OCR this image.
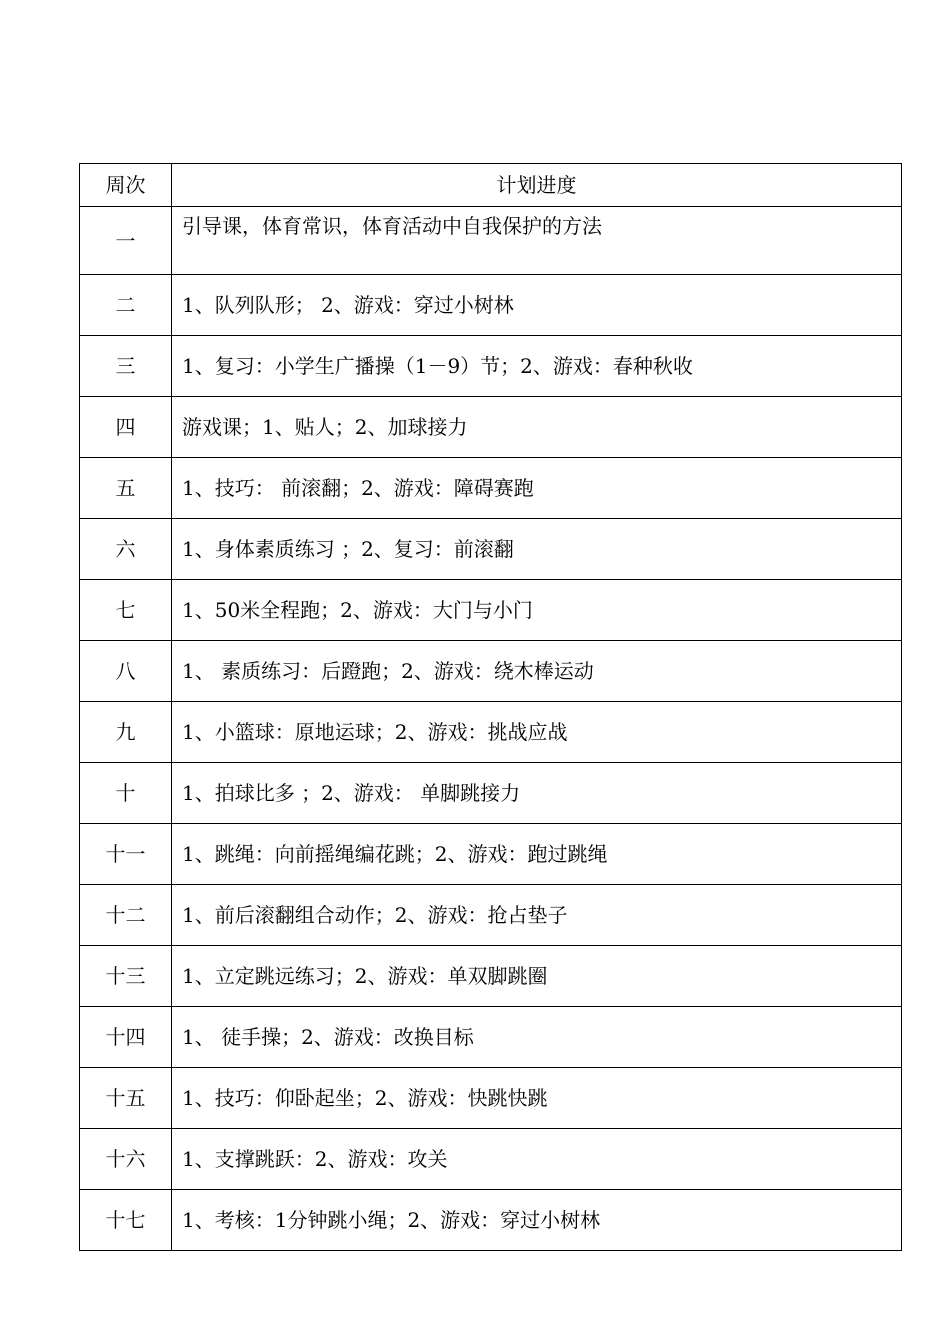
周次	计划进度
一	引导课，体育常识，体育活动中自我保护的方法
二	1、队列队形； 2、游戏：穿过小树林
三	1、复习：小学生广播操（1－9）节；2、游戏：春种秋收
四	游戏课；1、贴人；2、加球接力
五	1、技巧： 前滚翻；2、游戏：障碍赛跑
六	1、身体素质练习 ；2、复习：前滚翻
七	1、50米全程跑；2、游戏：大门与小门
八	1、 素质练习：后蹬跑；2、游戏：绕木棒运动
九	1、小篮球：原地运球；2、游戏：挑战应战
十	1、拍球比多 ；2、游戏： 单脚跳接力
十一	1、跳绳：向前摇绳编花跳；2、游戏：跑过跳绳
十二	1、前后滚翻组合动作；2、游戏：抢占垫子
十三	1、立定跳远练习；2、游戏：单双脚跳圈
十四	1、 徒手操；2、游戏：改换目标
十五	1、技巧：仰卧起坐；2、游戏：快跳快跳
十六	1、支撑跳跃：2、游戏：攻关
十七	1、考核：1分钟跳小绳；2、游戏：穿过小树林
